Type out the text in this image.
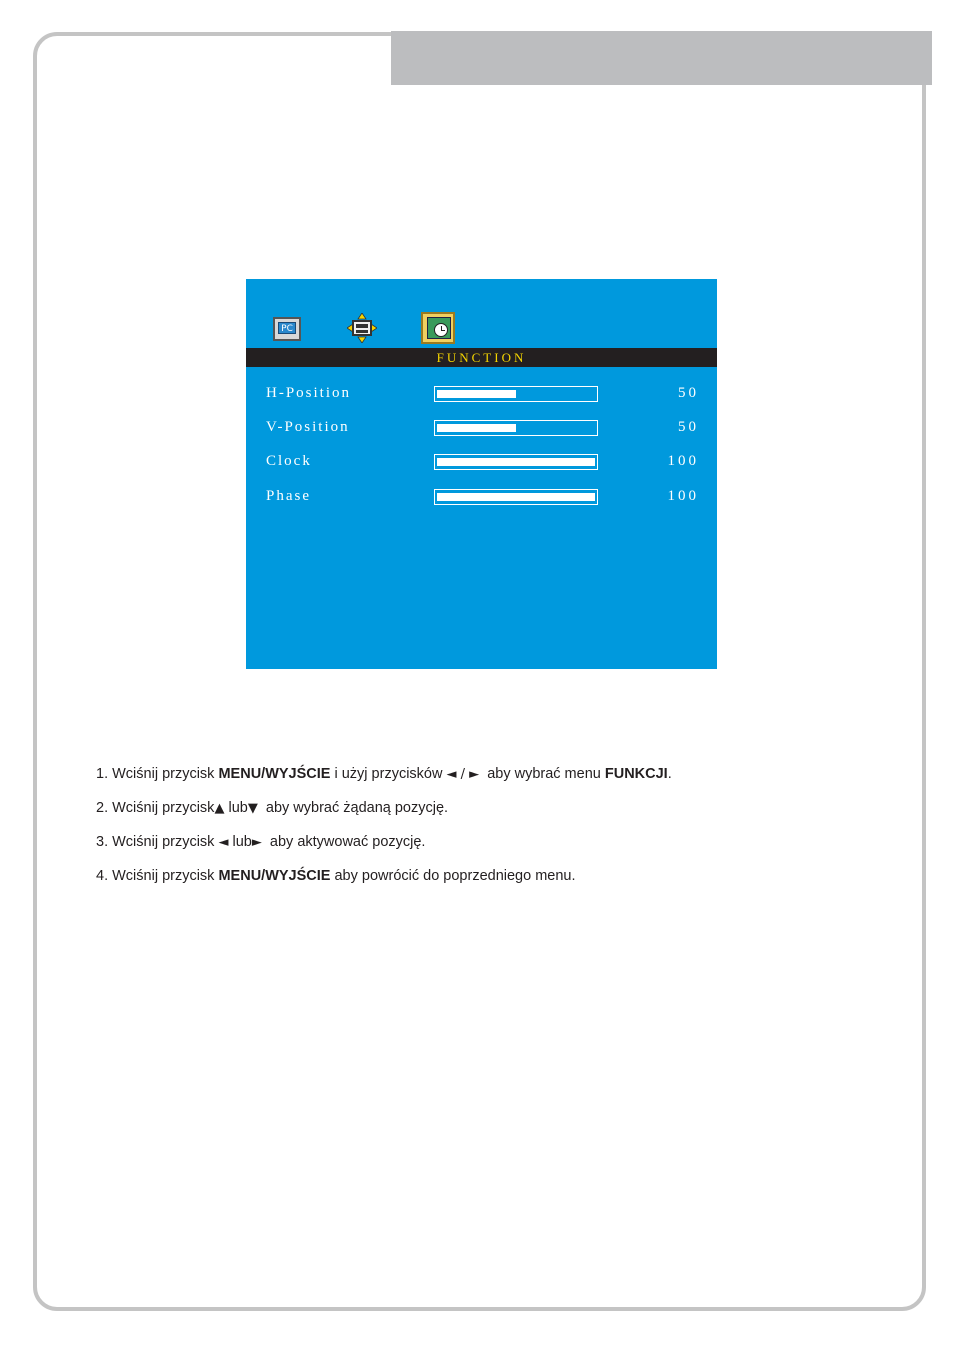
PC
FUNCTION
H-Position	50
V-Position	50
Clock	100
Phase	100
1. Wciśnij przycisk MENU/WYJŚCIE i użyj przycisków ◄ / ►  aby wybrać menu FUNKCJI.
2. Wciśnij przycisk▲ lub▼  aby wybrać żądaną pozycję.
3. Wciśnij przycisk ◄ lub►  aby aktywować pozycję.
4. Wciśnij przycisk MENU/WYJŚCIE aby powrócić do poprzedniego menu.
